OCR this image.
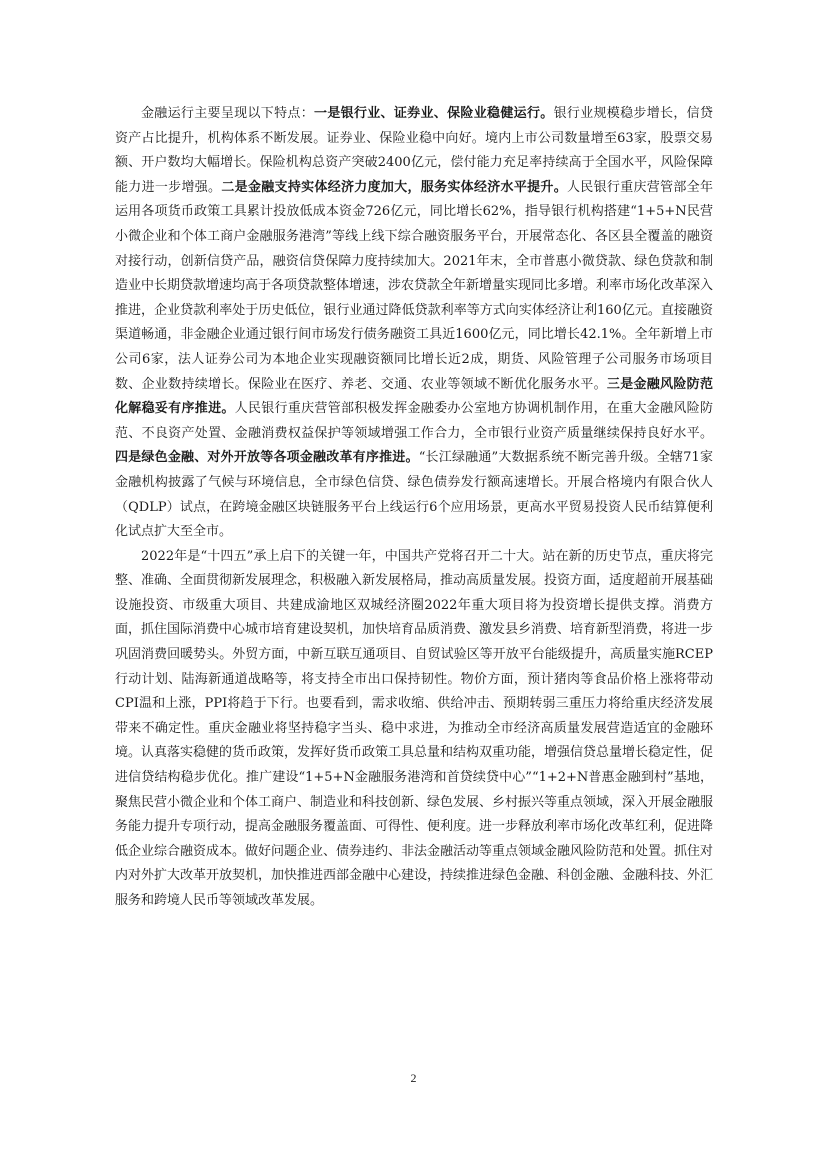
金融运行主要呈现以下特点：一是银行业、证券业、保险业稳健运行。银行业规模稳步增长，信贷资产占比提升，机构体系不断发展。证券业、保险业稳中向好。境内上市公司数量增至63家，股票交易额、开户数均大幅增长。保险机构总资产突破2400亿元，偿付能力充足率持续高于全国水平，风险保障能力进一步增强。二是金融支持实体经济力度加大，服务实体经济水平提升。人民银行重庆营管部全年运用各项货币政策工具累计投放低成本资金726亿元，同比增长62%，指导银行机构搭建“1+5+N民营小微企业和个体工商户金融服务港湾”等线上线下综合融资服务平台，开展常态化、各区县全覆盖的融资对接行动，创新信贷产品，融资信贷保障力度持续加大。2021年末，全市普惠小微贷款、绿色贷款和制造业中长期贷款增速均高于各项贷款整体增速，涉农贷款全年新增量实现同比多增。利率市场化改革深入推进，企业贷款利率处于历史低位，银行业通过降低贷款利率等方式向实体经济让利160亿元。直接融资渠道畅通，非金融企业通过银行间市场发行债务融资工具近1600亿元，同比增长42.1%。全年新增上市公司6家，法人证券公司为本地企业实现融资额同比增长近2成，期货、风险管理子公司服务市场项目数、企业数持续增长。保险业在医疗、养老、交通、农业等领域不断优化服务水平。三是金融风险防范化解稳妥有序推进。人民银行重庆营管部积极发挥金融委办公室地方协调机制作用，在重大金融风险防范、不良资产处置、金融消费权益保护等领域增强工作合力，全市银行业资产质量继续保持良好水平。四是绿色金融、对外开放等各项金融改革有序推进。“长江绿融通”大数据系统不断完善升级。全辖71家金融机构披露了气候与环境信息，全市绿色信贷、绿色债券发行额高速增长。开展合格境内有限合伙人（QDLP）试点，在跨境金融区块链服务平台上线运行6个应用场景，更高水平贸易投资人民币结算便利化试点扩大至全市。

2022年是“十四五”承上启下的关键一年，中国共产党将召开二十大。站在新的历史节点，重庆将完整、准确、全面贯彻新发展理念，积极融入新发展格局，推动高质量发展。投资方面，适度超前开展基础设施投资、市级重大项目、共建成渝地区双城经济圈2022年重大项目将为投资增长提供支撑。消费方面，抓住国际消费中心城市培育建设契机，加快培育品质消费、激发县乡消费、培育新型消费，将进一步巩固消费回暖势头。外贸方面，中新互联互通项目、自贸试验区等开放平台能级提升，高质量实施RCEP行动计划、陆海新通道战略等，将支持全市出口保持韧性。物价方面，预计猪肉等食品价格上涨将带动CPI温和上涨，PPI将趋于下行。也要看到，需求收缩、供给冲击、预期转弱三重压力将给重庆经济发展带来不确定性。重庆金融业将坚持稳字当头、稳中求进，为推动全市经济高质量发展营造适宜的金融环境。认真落实稳健的货币政策，发挥好货币政策工具总量和结构双重功能，增强信贷总量增长稳定性，促进信贷结构稳步优化。推广建设“1+5+N金融服务港湾和首贷续贷中心”“1+2+N普惠金融到村”基地，聚焦民营小微企业和个体工商户、制造业和科技创新、绿色发展、乡村振兴等重点领域，深入开展金融服务能力提升专项行动，提高金融服务覆盖面、可得性、便利度。进一步释放利率市场化改革红利，促进降低企业综合融资成本。做好问题企业、债券违约、非法金融活动等重点领域金融风险防范和处置。抓住对内对外扩大改革开放契机，加快推进西部金融中心建设，持续推进绿色金融、科创金融、金融科技、外汇服务和跨境人民币等领域改革发展。

2
